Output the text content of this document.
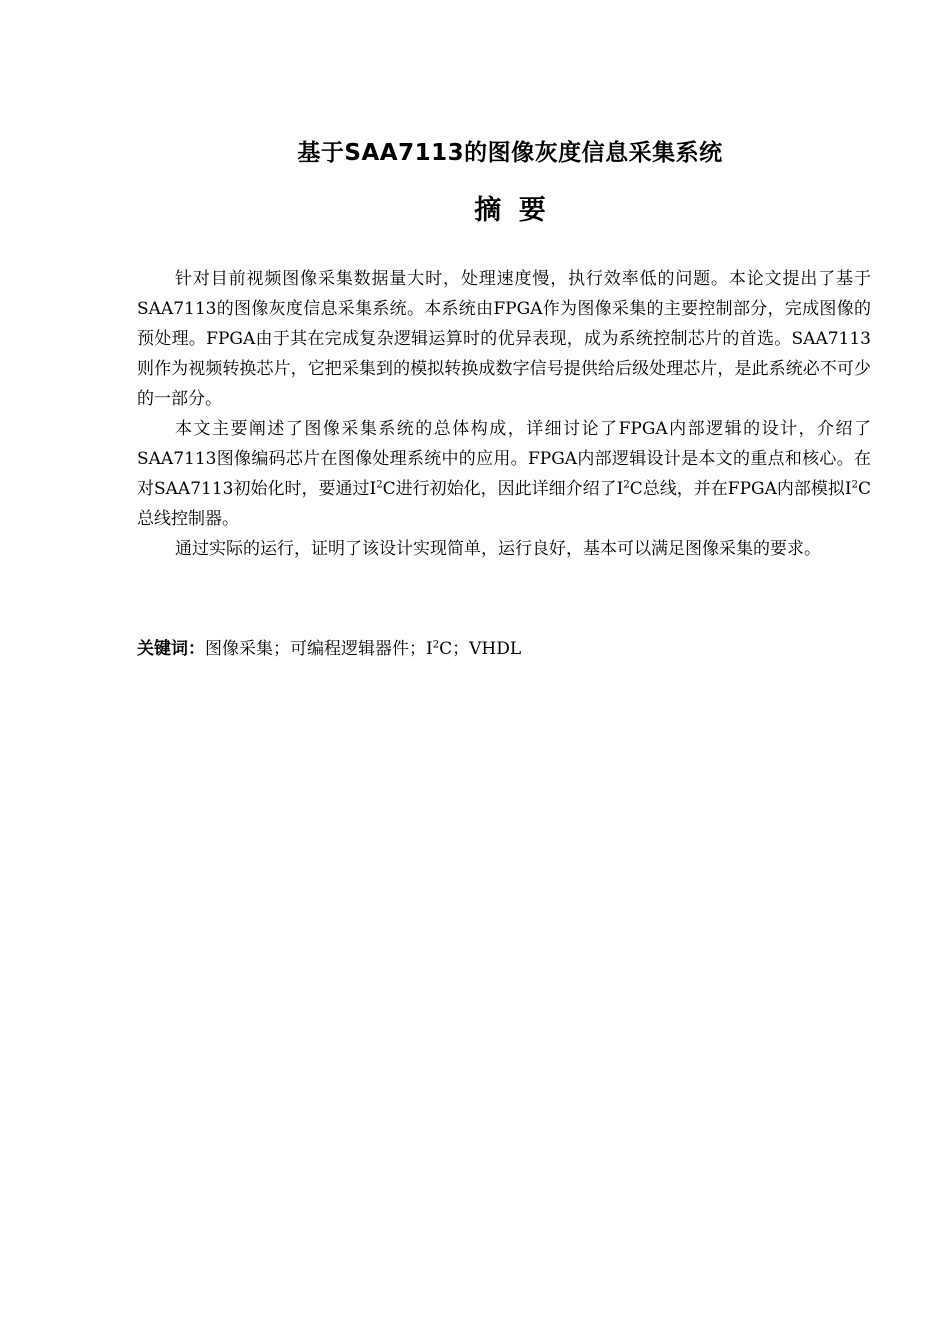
基于SAA7113的图像灰度信息采集系统
摘 要

针对目前视频图像采集数据量大时，处理速度慢，执行效率低的问题。本论文提出了基于SAA7113的图像灰度信息采集系统。本系统由FPGA作为图像采集的主要控制部分，完成图像的预处理。FPGA由于其在完成复杂逻辑运算时的优异表现，成为系统控制芯片的首选。SAA7113则作为视频转换芯片，它把采集到的模拟转换成数字信号提供给后级处理芯片，是此系统必不可少的一部分。

本文主要阐述了图像采集系统的总体构成，详细讨论了FPGA内部逻辑的设计，介绍了SAA7113图像编码芯片在图像处理系统中的应用。FPGA内部逻辑设计是本文的重点和核心。在对SAA7113初始化时，要通过$I^2C$进行初始化，因此详细介绍了$I^2C$总线，并在FPGA内部模拟$I^2C$总线控制器。

通过实际的运行，证明了该设计实现简单，运行良好，基本可以满足图像采集的要求。

关键词：图像采集；可编程逻辑器件；$I^2C$；VHDL
